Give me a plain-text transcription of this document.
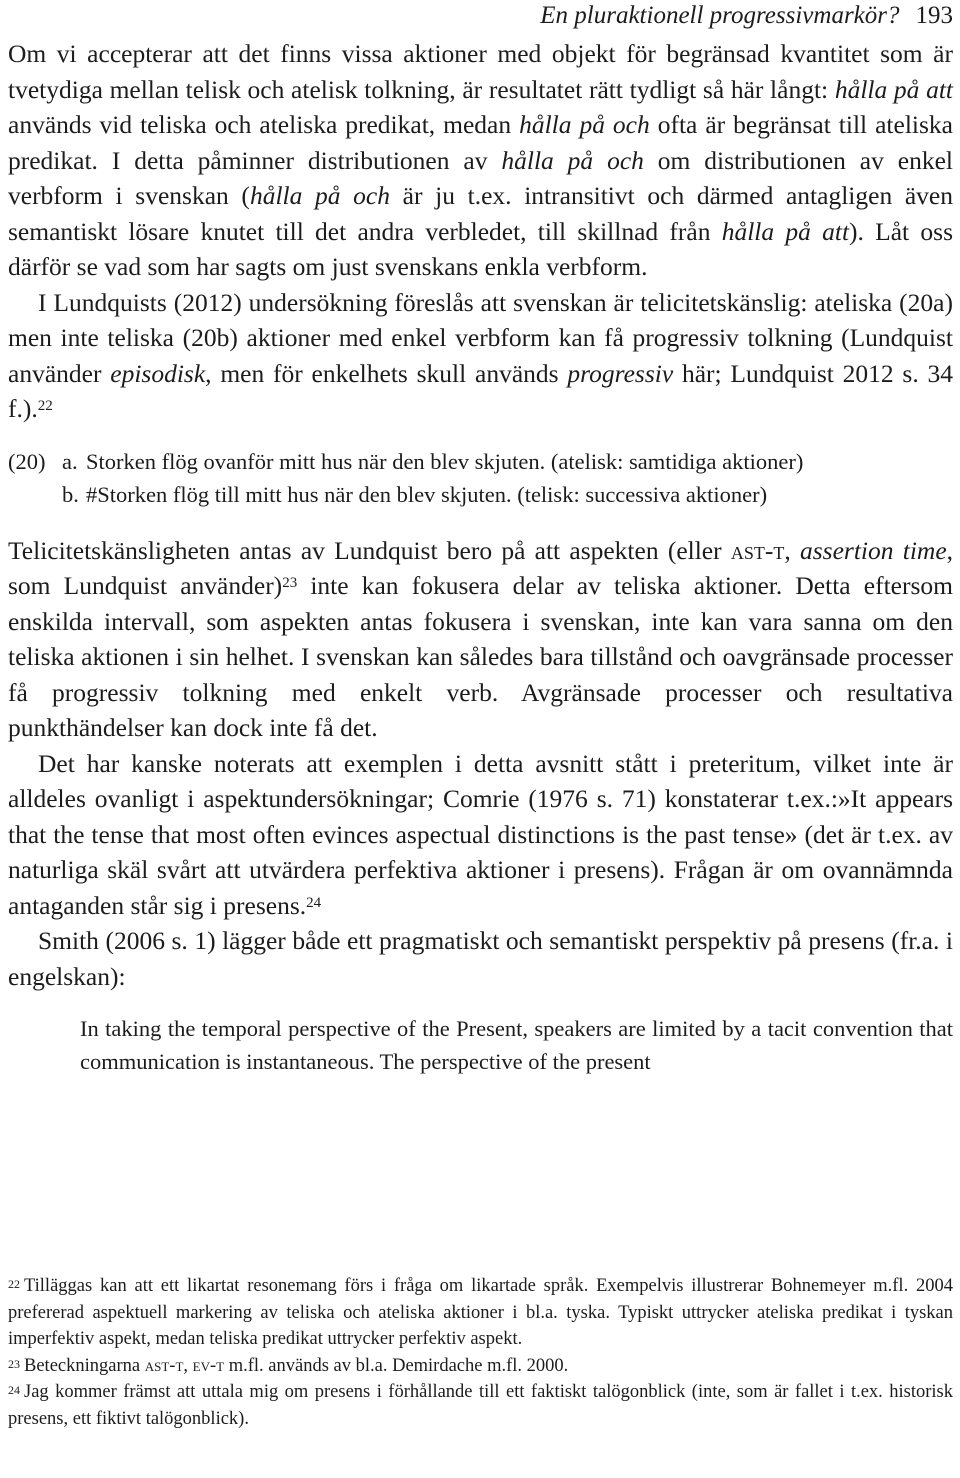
En pluraktionell progressivmarkör? 193

Om vi accepterar att det finns vissa aktioner med objekt för begränsad kvantitet som är tvetydiga mellan telisk och atelisk tolkning, är resultatet rätt tydligt så här långt: hålla på att används vid teliska och ateliska predikat, medan hålla på och ofta är begränsat till ateliska predikat. I detta påminner distributionen av hålla på och om distributionen av enkel verbform i svenskan (hålla på och är ju t.ex. intransitivt och därmed antagligen även semantiskt lösare knutet till det andra verbledet, till skillnad från hålla på att). Låt oss därför se vad som har sagts om just svenskans enkla verbform.

I Lundquists (2012) undersökning föreslås att svenskan är telicitetskänslig: ateliska (20a) men inte teliska (20b) aktioner med enkel verbform kan få progressiv tolkning (Lundquist använder episodisk, men för enkelhets skull används progressiv här; Lundquist 2012 s. 34 f.).$^{22}$

(20) a. Storken flög ovanför mitt hus när den blev skjuten. (atelisk: samtidiga aktioner)
b. #Storken flög till mitt hus när den blev skjuten. (telisk: successiva aktioner)

Telicitetskänsligheten antas av Lundquist bero på att aspekten (eller ast-t, assertion time, som Lundquist använder)$^{23}$ inte kan fokusera delar av teliska aktioner. Detta eftersom enskilda intervall, som aspekten antas fokusera i svenskan, inte kan vara sanna om den teliska aktionen i sin helhet. I svenskan kan således bara tillstånd och oavgränsade processer få progressiv tolkning med enkelt verb. Avgränsade processer och resultativa punkthändelser kan dock inte få det.

Det har kanske noterats att exemplen i detta avsnitt stått i preteritum, vilket inte är alldeles ovanligt i aspektundersökningar; Comrie (1976 s. 71) konstaterar t.ex.:»It appears that the tense that most often evinces aspectual distinctions is the past tense» (det är t.ex. av naturliga skäl svårt att utvärdera perfektiva aktioner i presens). Frågan är om ovannämnda antaganden står sig i presens.$^{24}$

Smith (2006 s. 1) lägger både ett pragmatiskt och semantiskt perspektiv på presens (fr.a. i engelskan):

In taking the temporal perspective of the Present, speakers are limited by a tacit convention that communication is instantaneous. The perspective of the present

$^{22}$ Tilläggas kan att ett likartat resonemang förs i fråga om likartade språk. Exempelvis illustrerar Bohnemeyer m.fl. 2004 prefererad aspektuell markering av teliska och ateliska aktioner i bl.a. tyska. Typiskt uttrycker ateliska predikat i tyskan imperfektiv aspekt, medan teliska predikat uttrycker perfektiv aspekt.

$^{23}$ Beteckningarna ast-t, ev-t m.fl. används av bl.a. Demirdache m.fl. 2000.

$^{24}$ Jag kommer främst att uttala mig om presens i förhållande till ett faktiskt talögonblick (inte, som är fallet i t.ex. historisk presens, ett fiktivt talögonblick).
